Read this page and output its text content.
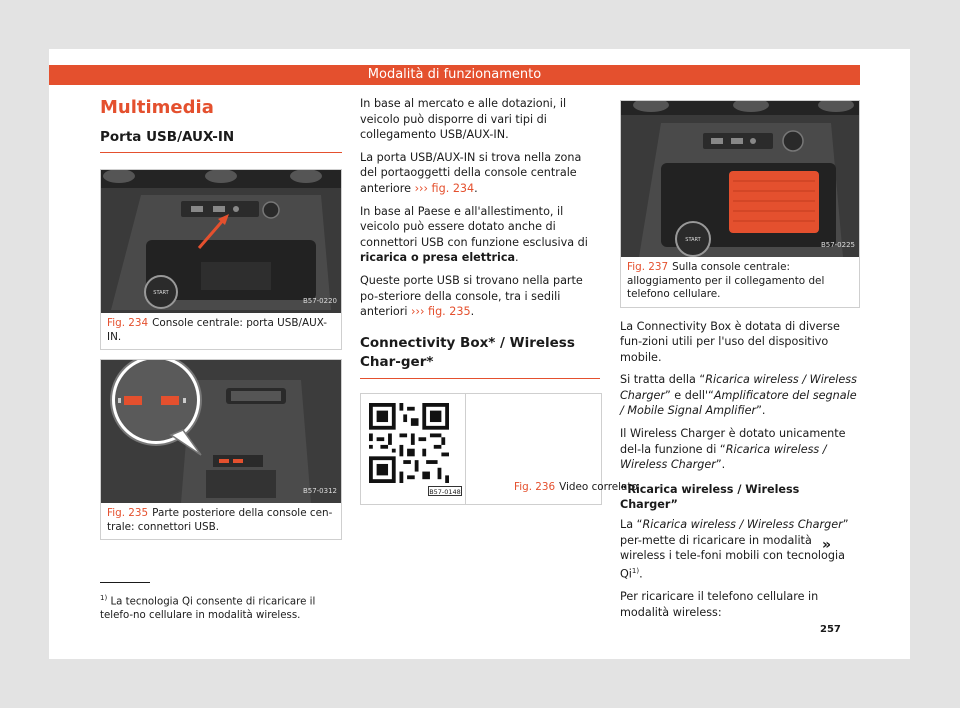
Modalità di funzionamento
Multimedia
Porta USB/AUX-IN
START
B57-0220
Fig. 234 Console centrale: porta USB/AUX-IN.
B57-0312
Fig. 235 Parte posteriore della console cen-trale: connettori USB.

In base al mercato e alle dotazioni, il veicolo può disporre di vari tipi di collegamento USB/AUX-IN.

La porta USB/AUX-IN si trova nella zona del portaoggetti della console centrale anteriore ››› fig. 234.

In base al Paese e all'allestimento, il veicolo può essere dotato anche di connettori USB con funzione esclusiva di ricarica o presa elettrica.

Queste porte USB si trovano nella parte po-steriore della console, tra i sedili anteriori ››› fig. 235.

Connectivity Box* / Wireless Char-ger*
B57-0148	Fig. 236 Video correlato
START
B57-0225
Fig. 237 Sulla console centrale: alloggiamento per il collegamento del telefono cellulare.

La Connectivity Box è dotata di diverse fun-zioni utili per l'uso del dispositivo mobile.

Si tratta della “Ricarica wireless / Wireless Charger” e dell'“Amplificatore del segnale / Mobile Signal Amplifier”.

Il Wireless Charger è dotato unicamente del-la funzione di “Ricarica wireless / Wireless Charger”.

“Ricarica wireless / Wireless Charger”

La “Ricarica wireless / Wireless Charger” per-mette di ricaricare in modalità wireless i tele-foni mobili con tecnologia Qi$^{1)}$.

Per ricaricare il telefono cellulare in modalità wireless:

»
$^{1)}$ La tecnologia Qi consente di ricaricare il telefo-no cellulare in modalità wireless.
257
